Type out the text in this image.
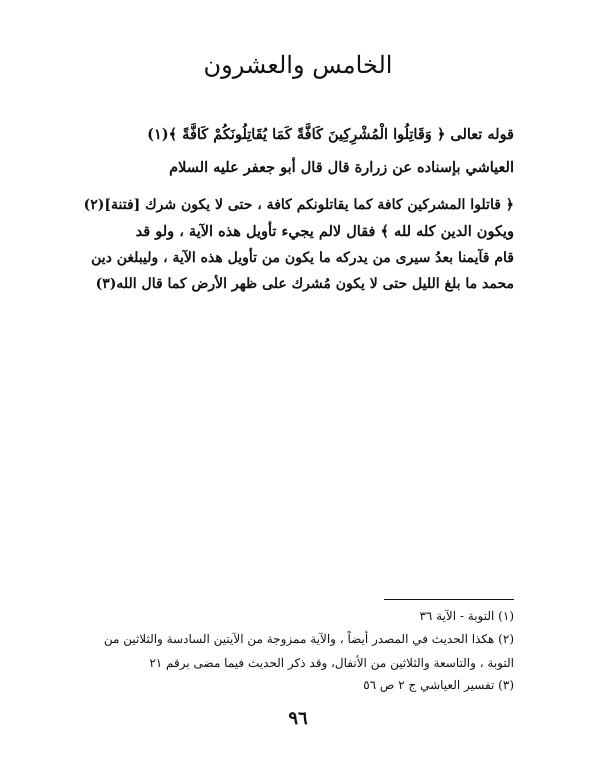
الخامس والعشرون
قوله تعالى ﴿ وَقَاتِلُوا الْمُشْرِكِينَ كَافَّةً كَمَا يُقَاتِلُونَكُمْ كَافَّةً ﴾(١)
العياشي بإسناده عن زرارة قال قال أبو جعفر عليه السلام
﴿ قاتلوا المشركين كافة كما يقاتلونكم كافة ، حتى لا يكون شرك [فتنة](٢)
ويكون الدين كله لله ﴾ فقال لالم يجيء تأويل هذه الآية ، ولو قد
قام قآيمنا بعدُ سيرى من يدركه ما يكون من تأويل هذه الآية ، وليبلغن دين
محمد ما بلغ الليل حتى لا يكون مُشرك على ظهر الأرض كما قال الله(٣)
(١) التوبة - الآية ٣٦
(٢) هكذا الحديث في المصدر أيضاً ، والآية ممزوجة من الآيتين السادسة والثلاثين من
التوبة ، والتاسعة والثلاثين من الأنفال، وقد ذكر الحديث فيما مضى برقم ٢١
(٣) تفسير العياشي ج ٢ ص ٥٦
٩٦
